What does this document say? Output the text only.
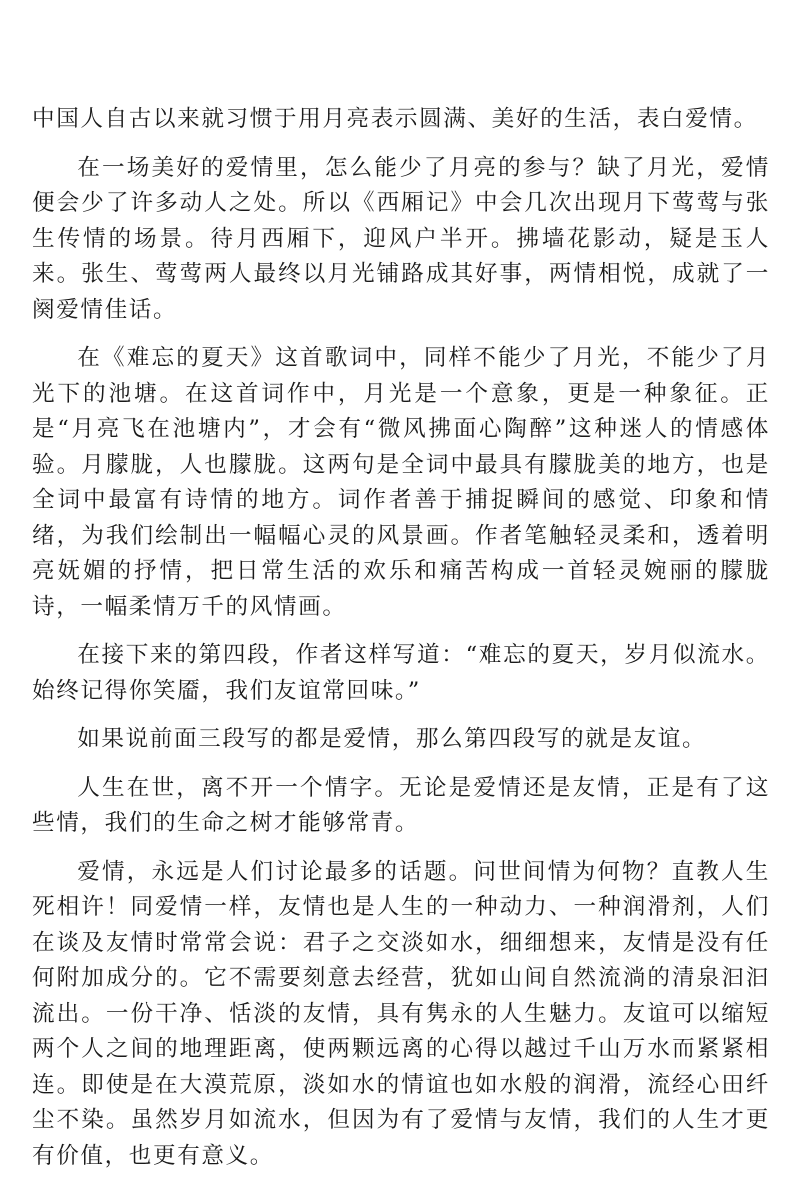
中国人自古以来就习惯于用月亮表示圆满、美好的生活，表白爱情。

在一场美好的爱情里，怎么能少了月亮的参与？缺了月光，爱情便会少了许多动人之处。所以《西厢记》中会几次出现月下莺莺与张生传情的场景。待月西厢下，迎风户半开。拂墙花影动，疑是玉人来。张生、莺莺两人最终以月光铺路成其好事，两情相悦，成就了一阕爱情佳话。

在《难忘的夏天》这首歌词中，同样不能少了月光，不能少了月光下的池塘。在这首词作中，月光是一个意象，更是一种象征。正是“月亮飞在池塘内”，才会有“微风拂面心陶醉”这种迷人的情感体验。月朦胧，人也朦胧。这两句是全词中最具有朦胧美的地方，也是全词中最富有诗情的地方。词作者善于捕捉瞬间的感觉、印象和情绪，为我们绘制出一幅幅心灵的风景画。作者笔触轻灵柔和，透着明亮妩媚的抒情，把日常生活的欢乐和痛苦构成一首轻灵婉丽的朦胧诗，一幅柔情万千的风情画。

在接下来的第四段，作者这样写道：“难忘的夏天，岁月似流水。始终记得你笑靥，我们友谊常回味。”

如果说前面三段写的都是爱情，那么第四段写的就是友谊。

人生在世，离不开一个情字。无论是爱情还是友情，正是有了这些情，我们的生命之树才能够常青。

爱情，永远是人们讨论最多的话题。问世间情为何物？直教人生死相许！同爱情一样，友情也是人生的一种动力、一种润滑剂，人们在谈及友情时常常会说：君子之交淡如水，细细想来，友情是没有任何附加成分的。它不需要刻意去经营，犹如山间自然流淌的清泉汩汩流出。一份干净、恬淡的友情，具有隽永的人生魅力。友谊可以缩短两个人之间的地理距离，使两颗远离的心得以越过千山万水而紧紧相连。即使是在大漠荒原，淡如水的情谊也如水般的润滑，流经心田纤尘不染。虽然岁月如流水，但因为有了爱情与友情，我们的人生才更有价值，也更有意义。
